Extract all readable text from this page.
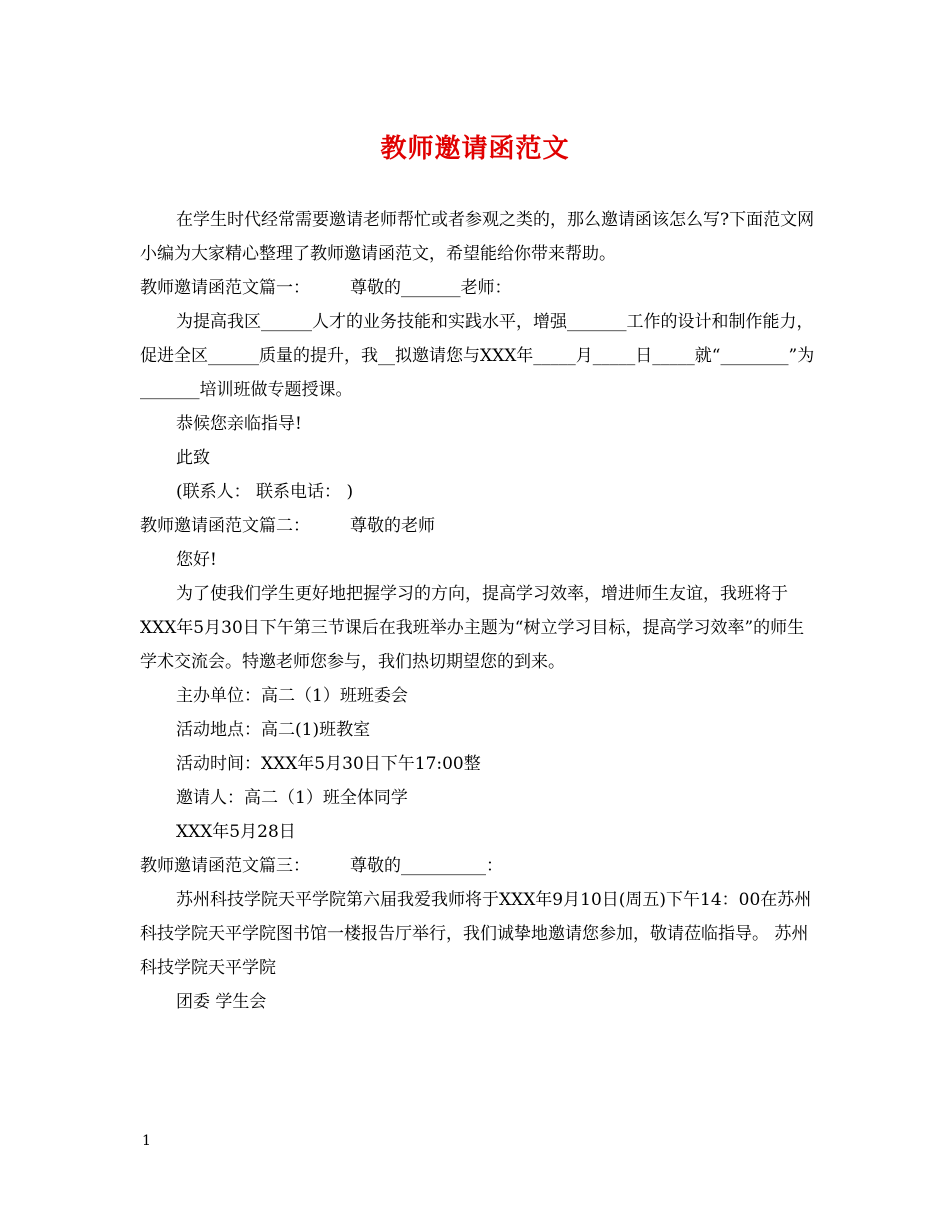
教师邀请函范文

在学生时代经常需要邀请老师帮忙或者参观之类的，那么邀请函该怎么写?下面范文网小编为大家精心整理了教师邀请函范文，希望能给你带来帮助。

教师邀请函范文篇一： 尊敬的_______老师：

为提高我区______人才的业务技能和实践水平，增强_______工作的设计和制作能力，促进全区______质量的提升，我__拟邀请您与XXX年_____月_____日_____就“________”为_______培训班做专题授课。

恭候您亲临指导!

此致

(联系人： 联系电话： )

教师邀请函范文篇二： 尊敬的老师

您好!

为了使我们学生更好地把握学习的方向，提高学习效率，增进师生友谊，我班将于XXX年5月30日下午第三节课后在我班举办主题为“树立学习目标，提高学习效率”的师生学术交流会。特邀老师您参与，我们热切期望您的到来。

主办单位：高二（1）班班委会

活动地点：高二(1)班教室

活动时间：XXX年5月30日下午17:00整

邀请人：高二（1）班全体同学

XXX年5月28日

教师邀请函范文篇三： 尊敬的__________：

苏州科技学院天平学院第六届我爱我师将于XXX年9月10日(周五)下午14：00在苏州科技学院天平学院图书馆一楼报告厅举行，我们诚挚地邀请您参加，敬请莅临指导。 苏州科技学院天平学院

团委 学生会

1
